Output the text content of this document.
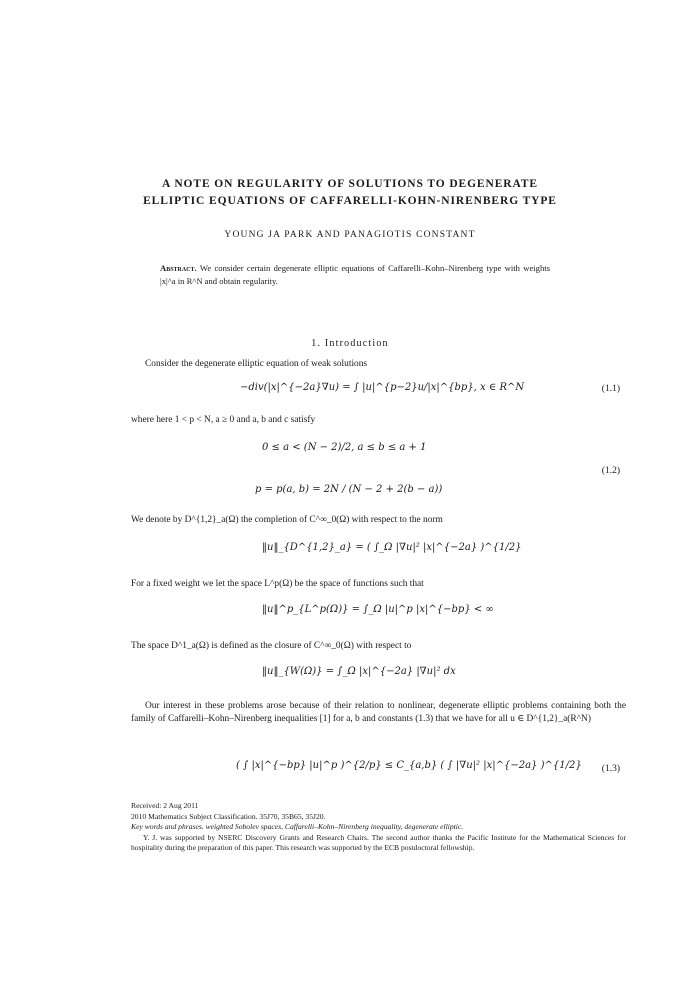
A NOTE ON REGULARITY OF SOLUTIONS TO DEGENERATE
ELLIPTIC EQUATIONS OF CAFFARELLI-KOHN-NIRENBERG TYPE
YOUNG JA PARK AND PANAGIOTIS CONSTANT
Abstract. We consider certain degenerate elliptic equations of Caffarelli–Kohn–Nirenberg type with weights |x|^a in R^N and obtain regularity.
1. Introduction
Consider the degenerate elliptic equation of weak solutions
−div(|x|^{−2a}∇u) = ∫ |u|^{p−2}u/|x|^{bp}, x ∈ R^N	(1.1)
where here 1 < p < N, a ≥ 0 and a, b and c satisfy
0 ≤ a < (N − 2)/2, a ≤ b ≤ a + 1
p = p(a, b) = 2N / (N − 2 + 2(b − a))
(1.2)
We denote by D^{1,2}_a(Ω) the completion of C^∞_0(Ω) with respect to the norm
‖u‖_{D^{1,2}_a} = ( ∫_Ω |∇u|² |x|^{−2a} )^{1/2}
For a fixed weight we let the space L^p(Ω) be the space of functions such that
‖u‖^p_{L^p(Ω)} = ∫_Ω |u|^p |x|^{−bp} < ∞
The space D^1_a(Ω) is defined as the closure of C^∞_0(Ω) with respect to
‖u‖_{W(Ω)} = ∫_Ω |x|^{−2a} |∇u|² dx
Our interest in these problems arose because of their relation to nonlinear, degenerate elliptic problems containing both the family of Caffarelli–Kohn–Nirenberg inequalities [1] for a, b and constants (1.3) that we have for all u ∈ D^{1,2}_a(R^N)
( ∫ |x|^{−bp} |u|^p )^{2/p} ≤ C_{a,b} ( ∫ |∇u|² |x|^{−2a} )^{1/2} (1.3)

Received: 2 Aug 2011

2010 Mathematics Subject Classification. 35J70, 35B65, 35J20.

Key words and phrases. weighted Sobolev spaces, Caffarelli–Kohn–Nirenberg inequality, degenerate elliptic.

Y. J. was supported by NSERC Discovery Grants and Research Chairs. The second author thanks the Pacific Institute for the Mathematical Sciences for hospitality during the preparation of this paper. This research was supported by the ECB postdoctoral fellowship.
